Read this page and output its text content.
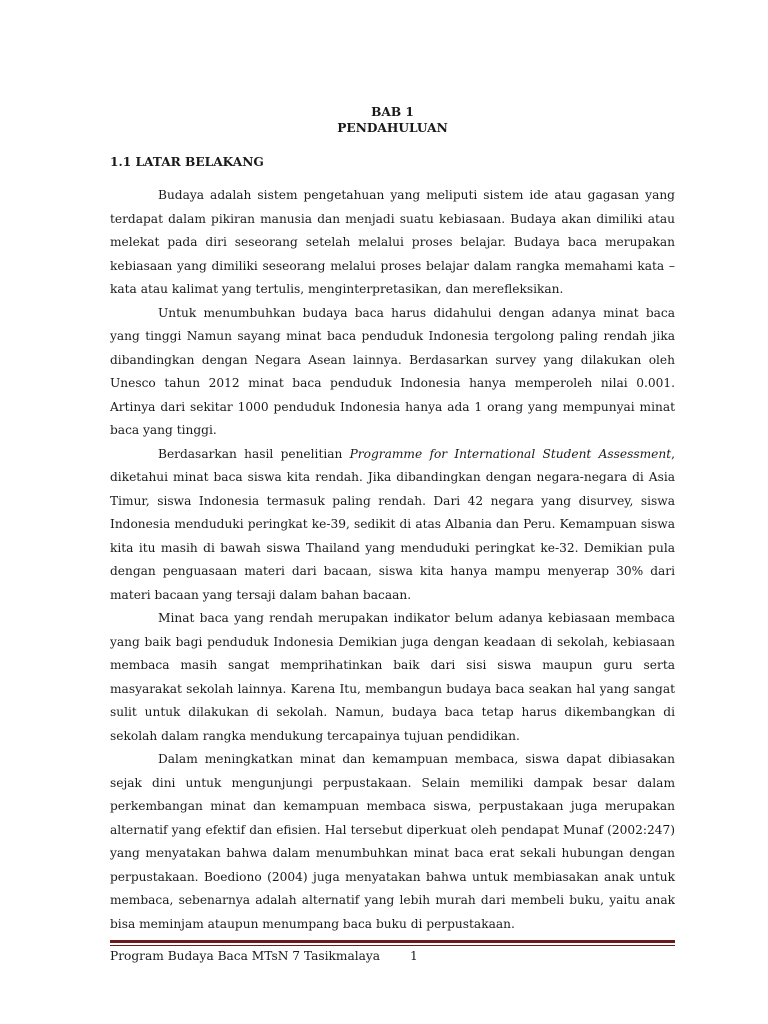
BAB 1
PENDAHULUAN
1.1 LATAR BELAKANG

Budaya adalah sistem pengetahuan yang meliputi sistem ide atau gagasan yang terdapat dalam pikiran manusia dan menjadi suatu kebiasaan. Budaya akan dimiliki atau melekat pada diri seseorang setelah melalui proses belajar. Budaya baca merupakan kebiasaan yang dimiliki seseorang melalui proses belajar dalam rangka memahami kata – kata atau kalimat yang tertulis, menginterpretasikan, dan merefleksikan.

Untuk menumbuhkan budaya baca harus didahului dengan adanya minat baca yang tinggi Namun sayang minat baca penduduk Indonesia tergolong paling rendah jika dibandingkan dengan Negara Asean lainnya. Berdasarkan survey yang dilakukan oleh Unesco tahun 2012 minat baca penduduk Indonesia hanya memperoleh nilai 0.001. Artinya dari sekitar 1000 penduduk Indonesia hanya ada 1 orang yang mempunyai minat baca yang tinggi.

Berdasarkan hasil penelitian Programme for International Student Assessment, diketahui minat baca siswa kita rendah. Jika dibandingkan dengan negara-negara di Asia Timur, siswa Indonesia termasuk paling rendah. Dari 42 negara yang disurvey, siswa Indonesia menduduki peringkat ke-39, sedikit di atas Albania dan Peru. Kemampuan siswa kita itu masih di bawah siswa Thailand yang menduduki peringkat ke-32. Demikian pula dengan penguasaan materi dari bacaan, siswa kita hanya mampu menyerap 30% dari materi bacaan yang tersaji dalam bahan bacaan.

Minat baca yang rendah merupakan indikator belum adanya kebiasaan membaca yang baik bagi penduduk Indonesia Demikian juga dengan keadaan di sekolah, kebiasaan membaca masih sangat memprihatinkan baik dari sisi siswa maupun guru serta masyarakat sekolah lainnya. Karena Itu, membangun budaya baca seakan hal yang sangat sulit untuk dilakukan di sekolah. Namun, budaya baca tetap harus dikembangkan di sekolah dalam rangka mendukung tercapainya tujuan pendidikan.

Dalam meningkatkan minat dan kemampuan membaca, siswa dapat dibiasakan sejak dini untuk mengunjungi perpustakaan. Selain memiliki dampak besar dalam perkembangan minat dan kemampuan membaca siswa, perpustakaan juga merupakan alternatif yang efektif dan efisien. Hal tersebut diperkuat oleh pendapat Munaf (2002:247) yang menyatakan bahwa dalam menumbuhkan minat baca erat sekali hubungan dengan perpustakaan. Boediono (2004) juga menyatakan bahwa untuk membiasakan anak untuk membaca, sebenarnya adalah alternatif yang lebih murah dari membeli buku, yaitu anak bisa meminjam ataupun menumpang baca buku di perpustakaan.

Program Budaya Baca MTsN 7 Tasikmalaya 1
